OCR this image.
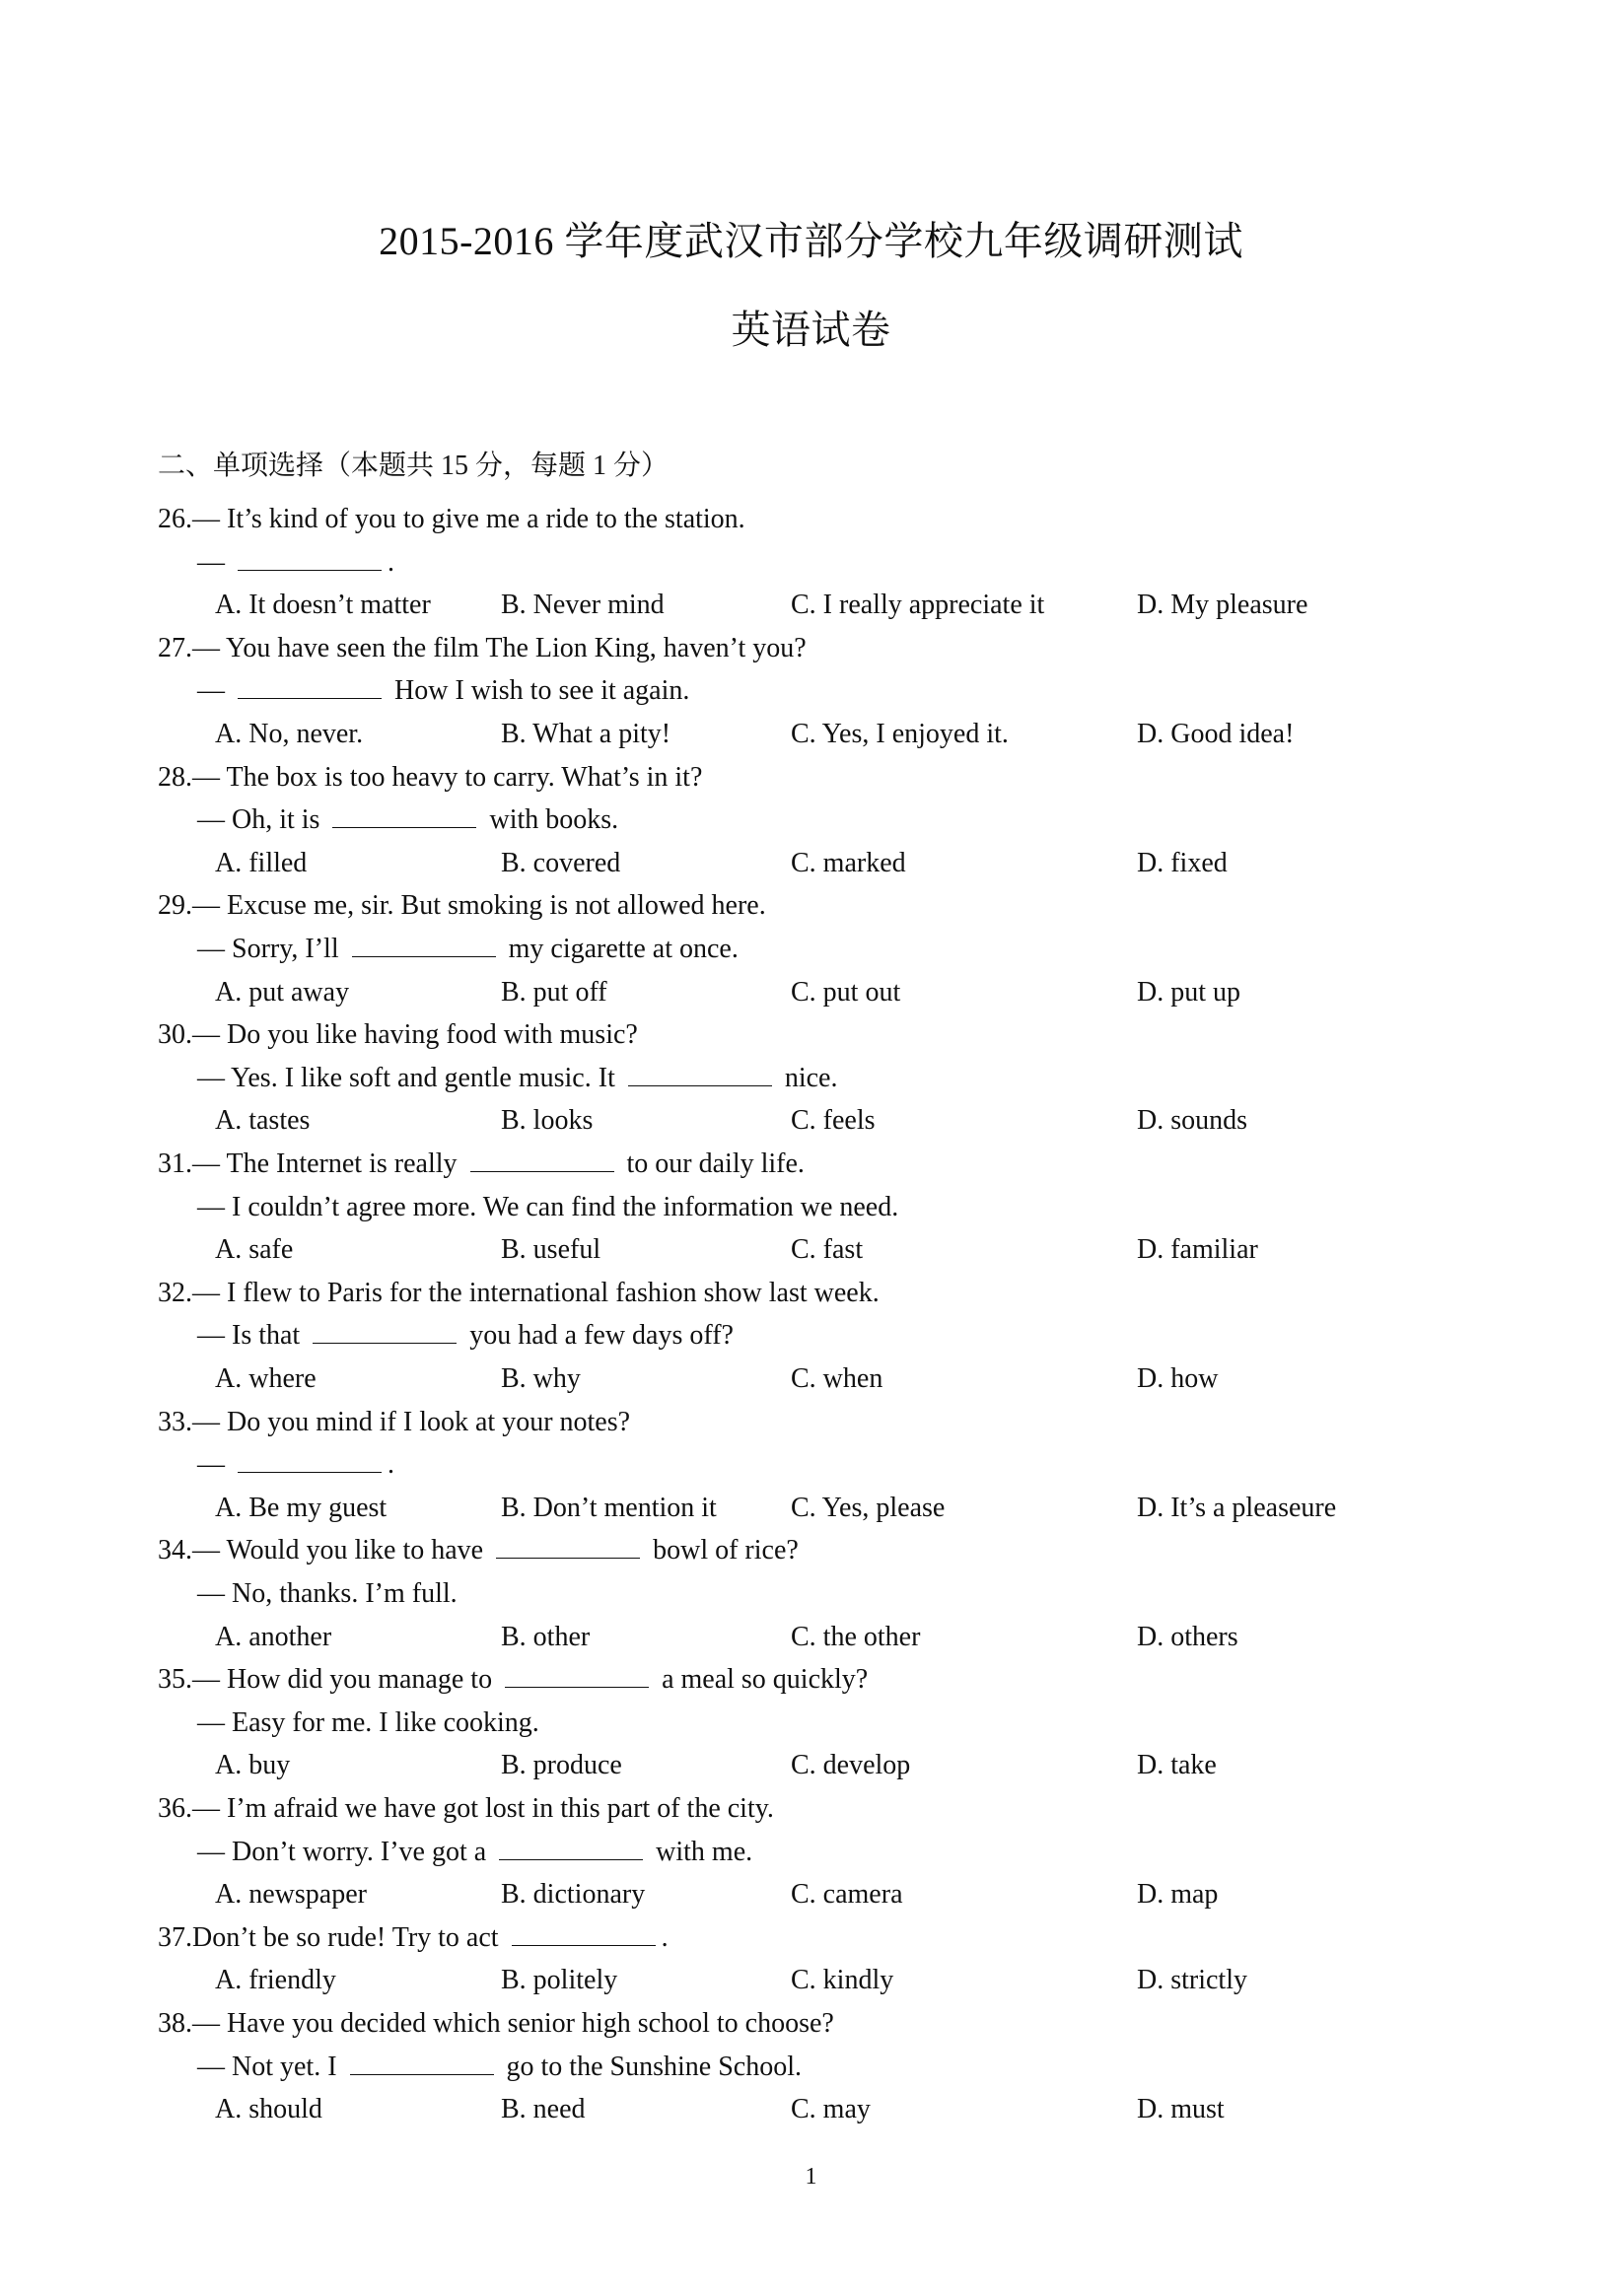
2015-2016 学年度武汉市部分学校九年级调研测试
英语试卷
二、单项选择（本题共 15 分，每题 1 分）
26.— It’s kind of you to give me a ride to the station.
—	.
A. It doesn’t matter	B. Never mind	C. I really appreciate it	D. My pleasure
27.— You have seen the film The Lion King, haven’t you?
—	How I wish to see it again.
A. No, never.	B. What a pity!	C. Yes, I enjoyed it.	D. Good idea!
28.— The box is too heavy to carry. What’s in it?
— Oh, it is	with books.
A. filled	B. covered	C. marked	D. fixed
29.— Excuse me, sir. But smoking is not allowed here.
— Sorry, I’ll	my cigarette at once.
A. put away	B. put off	C. put out	D. put up
30.— Do you like having food with music?
— Yes. I like soft and gentle music. It	nice.
A. tastes	B. looks	C. feels	D. sounds
31.— The Internet is really	to our daily life.
— I couldn’t agree more. We can find the information we need.
A. safe	B. useful	C. fast	D. familiar
32.— I flew to Paris for the international fashion show last week.
— Is that	you had a few days off?
A. where	B. why	C. when	D. how
33.— Do you mind if I look at your notes?
—	.
A. Be my guest	B. Don’t mention it	C. Yes, please	D. It’s a pleaseure
34.— Would you like to have	bowl of rice?
— No, thanks. I’m full.
A. another	B. other	C. the other	D. others
35.— How did you manage to	a meal so quickly?
— Easy for me. I like cooking.
A. buy	B. produce	C. develop	D. take
36.— I’m afraid we have got lost in this part of the city.
— Don’t worry. I’ve got a	with me.
A. newspaper	B. dictionary	C. camera	D. map
37.Don’t be so rude! Try to act	.
A. friendly	B. politely	C. kindly	D. strictly
38.— Have you decided which senior high school to choose?
— Not yet. I	go to the Sunshine School.
A. should	B. need	C. may	D. must
1
